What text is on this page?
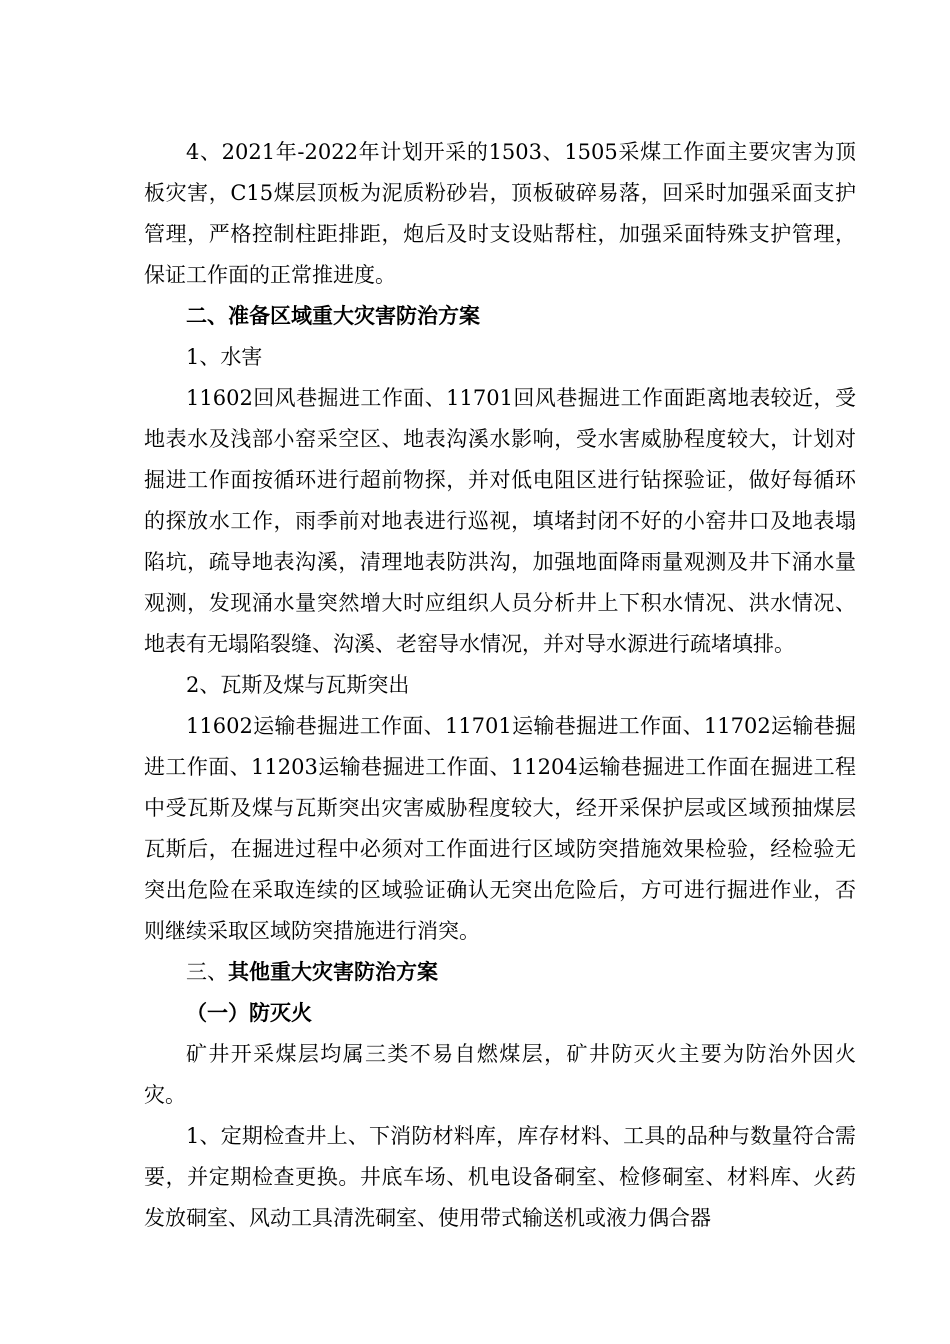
4、2021年-2022年计划开采的1503、1505采煤工作面主要灾害为顶板灾害，C15煤层顶板为泥质粉砂岩，顶板破碎易落，回采时加强采面支护管理，严格控制柱距排距，炮后及时支设贴帮柱，加强采面特殊支护管理，保证工作面的正常推进度。

二、准备区域重大灾害防治方案

1、水害

11602回风巷掘进工作面、11701回风巷掘进工作面距离地表较近，受地表水及浅部小窑采空区、地表沟溪水影响，受水害威胁程度较大，计划对掘进工作面按循环进行超前物探，并对低电阻区进行钻探验证，做好每循环的探放水工作，雨季前对地表进行巡视，填堵封闭不好的小窑井口及地表塌陷坑，疏导地表沟溪，清理地表防洪沟，加强地面降雨量观测及井下涌水量观测，发现涌水量突然增大时应组织人员分析井上下积水情况、洪水情况、地表有无塌陷裂缝、沟溪、老窑导水情况，并对导水源进行疏堵填排。

2、瓦斯及煤与瓦斯突出

11602运输巷掘进工作面、11701运输巷掘进工作面、11702运输巷掘进工作面、11203运输巷掘进工作面、11204运输巷掘进工作面在掘进工程中受瓦斯及煤与瓦斯突出灾害威胁程度较大，经开采保护层或区域预抽煤层瓦斯后，在掘进过程中必须对工作面进行区域防突措施效果检验，经检验无突出危险在采取连续的区域验证确认无突出危险后，方可进行掘进作业，否则继续采取区域防突措施进行消突。

三、其他重大灾害防治方案

（一）防灭火

矿井开采煤层均属三类不易自燃煤层，矿井防灭火主要为防治外因火灾。

1、定期检查井上、下消防材料库，库存材料、工具的品种与数量符合需要，并定期检查更换。井底车场、机电设备硐室、检修硐室、材料库、火药发放硐室、风动工具清洗硐室、使用带式输送机或液力偶合器
